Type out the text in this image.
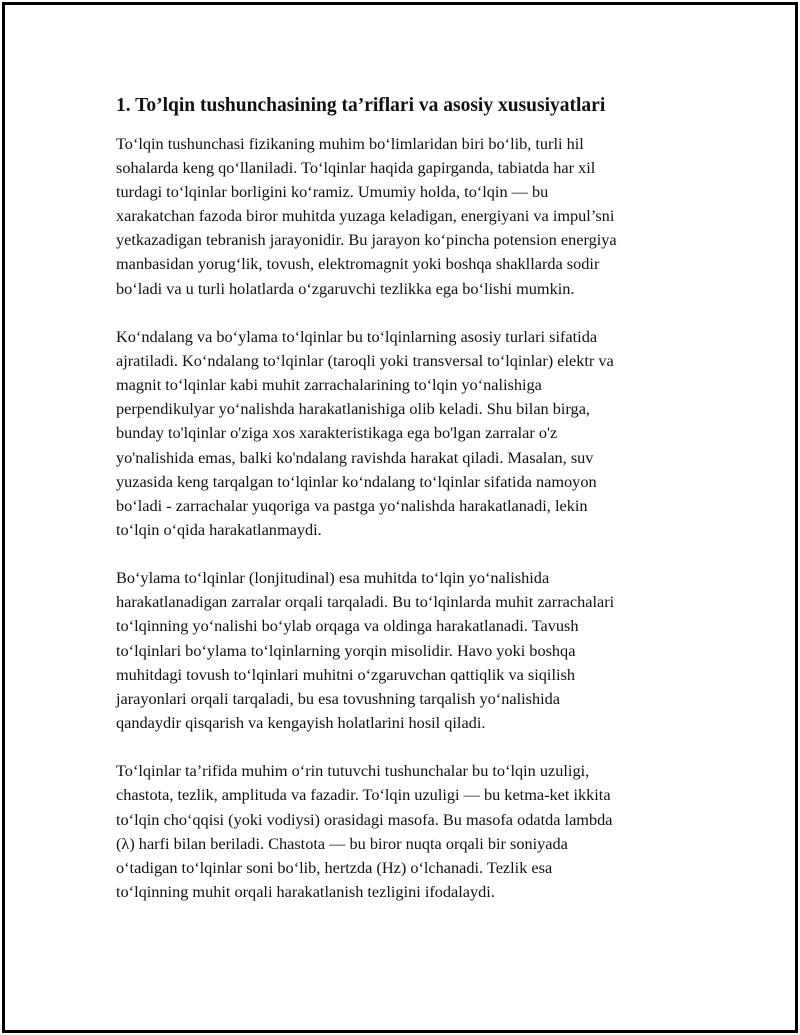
1. To’lqin tushunchasining ta’riflari va asosiy xususiyatlari
To‘lqin tushunchasi fizikaning muhim bo‘limlaridan biri bo‘lib, turli hil
sohalarda keng qo‘llaniladi. To‘lqinlar haqida gapirganda, tabiatda har xil
turdagi to‘lqinlar borligini ko‘ramiz. Umumiy holda, to‘lqin — bu
xarakatchan fazoda biror muhitda yuzaga keladigan, energiyani va impul’sni
yetkazadigan tebranish jarayonidir. Bu jarayon ko‘pincha potension energiya
manbasidan yorug‘lik, tovush, elektromagnit yoki boshqa shakllarda sodir
bo‘ladi va u turli holatlarda o‘zgaruvchi tezlikka ega bo‘lishi mumkin.
Ko‘ndalang va bo‘ylama to‘lqinlar bu to‘lqinlarning asosiy turlari sifatida
ajratiladi. Ko‘ndalang to‘lqinlar (taroqli yoki transversal to‘lqinlar) elektr va
magnit to‘lqinlar kabi muhit zarrachalarining to‘lqin yo‘nalishiga
perpendikulyar yo‘nalishda harakatlanishiga olib keladi. Shu bilan birga,
bunday to'lqinlar o'ziga xos xarakteristikaga ega bo'lgan zarralar o'z
yo'nalishida emas, balki ko'ndalang ravishda harakat qiladi. Masalan, suv
yuzasida keng tarqalgan to‘lqinlar ko‘ndalang to‘lqinlar sifatida namoyon
bo‘ladi - zarrachalar yuqoriga va pastga yo‘nalishda harakatlanadi, lekin
to‘lqin o‘qida harakatlanmaydi.
Bo‘ylama to‘lqinlar (lonjitudinal) esa muhitda to‘lqin yo‘nalishida
harakatlanadigan zarralar orqali tarqaladi. Bu to‘lqinlarda muhit zarrachalari
to‘lqinning yo‘nalishi bo‘ylab orqaga va oldinga harakatlanadi. Tavush
to‘lqinlari bo‘ylama to‘lqinlarning yorqin misolidir. Havo yoki boshqa
muhitdagi tovush to‘lqinlari muhitni o‘zgaruvchan qattiqlik va siqilish
jarayonlari orqali tarqaladi, bu esa tovushning tarqalish yo‘nalishida
qandaydir qisqarish va kengayish holatlarini hosil qiladi.
To‘lqinlar ta’rifida muhim o‘rin tutuvchi tushunchalar bu to‘lqin uzuligi,
chastota, tezlik, amplituda va fazadir. To‘lqin uzuligi — bu ketma-ket ikkita
to‘lqin cho‘qqisi (yoki vodiysi) orasidagi masofa. Bu masofa odatda lambda
(λ) harfi bilan beriladi. Chastota — bu biror nuqta orqali bir soniyada
o‘tadigan to‘lqinlar soni bo‘lib, hertzda (Hz) o‘lchanadi. Tezlik esa
to‘lqinning muhit orqali harakatlanish tezligini ifodalaydi.
